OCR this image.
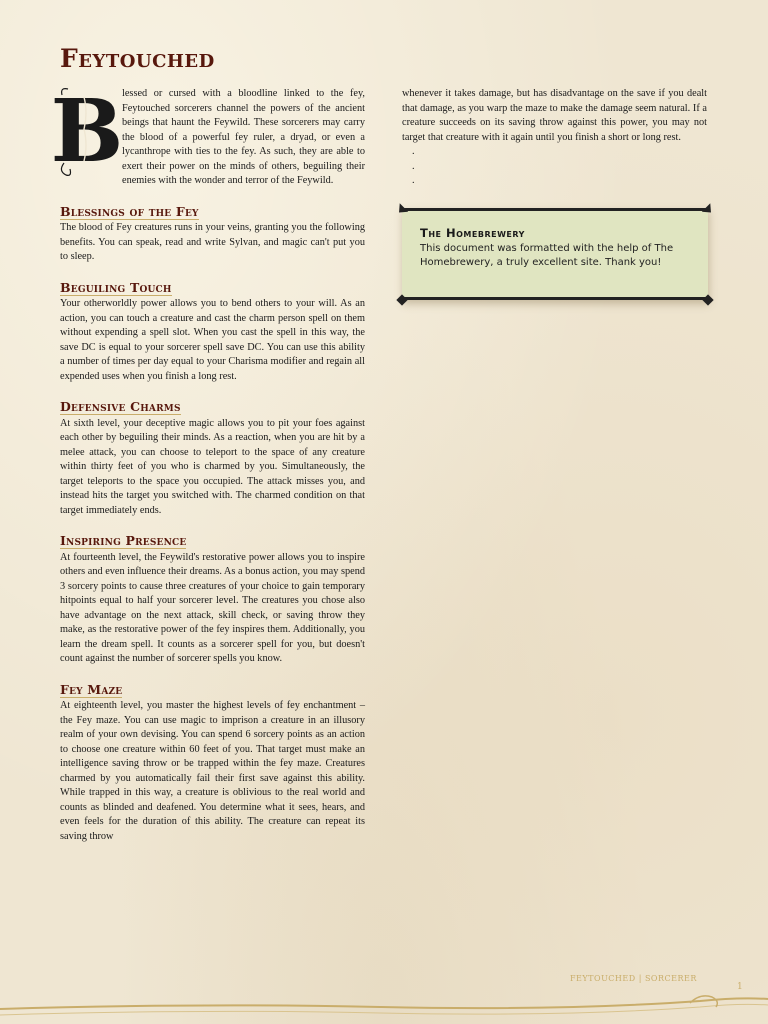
Feytouched
B

lessed or cursed with a bloodline linked to the fey, Feytouched sorcerers channel the powers of the ancient beings that haunt the Feywild. These sorcerers may carry the blood of a powerful fey ruler, a dryad, or even a lycanthrope with ties to the fey. As such, they are able to exert their power on the minds of others, beguiling their enemies with the wonder and terror of the Feywild.

Blessings of the Fey

The blood of Fey creatures runs in your veins, granting you the following benefits. You can speak, read and write Sylvan, and magic can't put you to sleep.

Beguiling Touch

Your otherworldly power allows you to bend others to your will. As an action, you can touch a creature and cast the charm person spell on them without expending a spell slot. When you cast the spell in this way, the save DC is equal to your sorcerer spell save DC. You can use this ability a number of times per day equal to your Charisma modifier and regain all expended uses when you finish a long rest.

Defensive Charms

At sixth level, your deceptive magic allows you to pit your foes against each other by beguiling their minds. As a reaction, when you are hit by a melee attack, you can choose to teleport to the space of any creature within thirty feet of you who is charmed by you. Simultaneously, the target teleports to the space you occupied. The attack misses you, and instead hits the target you switched with. The charmed condition on that target immediately ends.

Inspiring Presence

At fourteenth level, the Feywild's restorative power allows you to inspire others and even influence their dreams. As a bonus action, you may spend 3 sorcery points to cause three creatures of your choice to gain temporary hitpoints equal to half your sorcerer level. The creatures you chose also have advantage on the next attack, skill check, or saving throw they make, as the restorative power of the fey inspires them. Additionally, you learn the dream spell. It counts as a sorcerer spell for you, but doesn't count against the number of sorcerer spells you know.

Fey Maze

At eighteenth level, you master the highest levels of fey enchantment – the Fey maze. You can use magic to imprison a creature in an illusory realm of your own devising. You can spend 6 sorcery points as an action to choose one creature within 60 feet of you. That target must make an intelligence saving throw or be trapped within the fey maze. Creatures charmed by you automatically fail their first save against this ability. While trapped in this way, a creature is oblivious to the real world and counts as blinded and deafened. You determine what it sees, hears, and even feels for the duration of this ability. The creature can repeat its saving throw

whenever it takes damage, but has disadvantage on the save if you dealt that damage, as you warp the maze to make the damage seem natural. If a creature succeeds on its saving throw against this power, you may not target that creature with it again until you finish a short or long rest.

.
.
.
The Homebrewery

This document was formatted with the help of The Homebrewery, a truly excellent site. Thank you!

FEYTOUCHED | SORCERER
1
